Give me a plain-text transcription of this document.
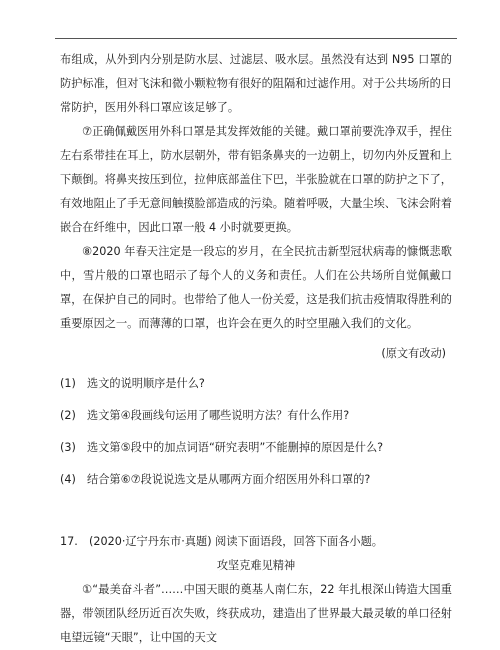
布组成，从外到内分别是防水层、过滤层、吸水层。虽然没有达到 N95 口罩的防护标准，但对飞沫和微小颗粒物有很好的阻隔和过滤作用。对于公共场所的日常防护，医用外科口罩应该足够了。

⑦正确佩戴医用外科口罩是其发挥效能的关键。戴口罩前要洗净双手，捏住左右系带挂在耳上，防水层朝外，带有铝条鼻夹的一边朝上，切勿内外反置和上下颠倒。将鼻夹按压到位，拉伸底部盖住下巴，半张脸就在口罩的防护之下了，有效地阻止了手无意间触摸脸部造成的污染。随着呼吸，大量尘埃、飞沫会附着嵌合在纤维中，因此口罩一般 4 小时就要更换。

⑧2020 年春天注定是一段忘的岁月，在全民抗击新型冠状病毒的慷慨悲歌中，雪片般的口罩也昭示了每个人的义务和责任。人们在公共场所自觉佩戴口罩，在保护自己的同时。也带给了他人一份关爱，这是我们抗击疫情取得胜利的重要原因之一。而薄薄的口罩，也许会在更久的时空里融入我们的文化。

(原文有改动)

(1)　选文的说明顺序是什么?

(2)　选文第④段画线句运用了哪些说明方法？有什么作用?

(3)　选文第⑤段中的加点词语“研究表明”不能删掉的原因是什么?

(4)　结合第⑥⑦段说说选文是从哪两方面介绍医用外科口罩的?

17.　(2020·辽宁丹东市·真题) 阅读下面语段，回答下面各小题。

攻坚克难见精神

①“最美奋斗者”……中国天眼的奠基人南仁东，22 年扎根深山铸造大国重器，带领团队经历近百次失败，终获成功，建造出了世界最大最灵敏的单口径射电望远镜“天眼”，让中国的天文
